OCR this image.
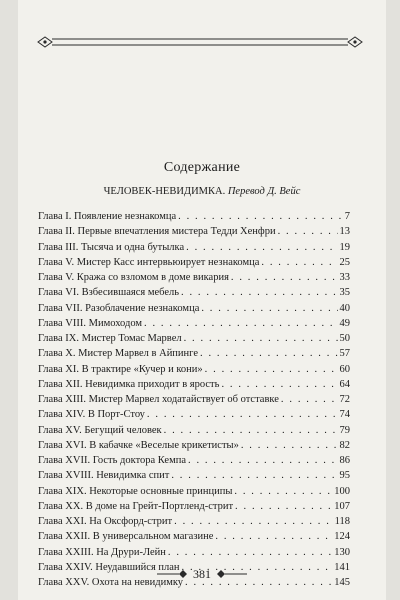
Содержание
ЧЕЛОВЕК-НЕВИДИМКА. Перевод Д. Вейс
Глава I. Появление незнакомца . . .	7
Глава II. Первые впечатления мистера Тедди Хенфри . . .	13
Глава III. Тысяча и одна бутылка . . .	19
Глава V. Мистер Касс интервьюирует незнакомца . . .	25
Глава V. Кража со взломом в доме викария . . .	33
Глава VI. Взбесившаяся мебель . . .	35
Глава VII. Разоблачение незнакомца . . .	40
Глава VIII. Мимоходом . . .	49
Глава IX. Мистер Томас Марвел . . .	50
Глава X. Мистер Марвел в Айпинге . . .	57
Глава XI. В трактире «Кучер и кони» . . .	60
Глава XII. Невидимка приходит в ярость . . .	64
Глава XIII. Мистер Марвел ходатайствует об отставке . . .	72
Глава XIV. В Порт-Стоу . . .	74
Глава XV. Бегущий человек . . .	79
Глава XVI. В кабачке «Веселые крикетисты» . . .	82
Глава XVII. Гость доктора Кемпа . . .	86
Глава XVIII. Невидимка спит . . .	95
Глава XIX. Некоторые основные принципы . . .	100
Глава XX. В доме на Грейт-Портленд-стрит . . .	107
Глава XXI. На Оксфорд-стрит . . .	118
Глава XXII. В универсальном магазине . . .	124
Глава XXIII. На Друри-Лейн . . .	130
Глава XXIV. Неудавшийся план . . .	141
Глава XXV. Охота на невидимку . . .	145
381
